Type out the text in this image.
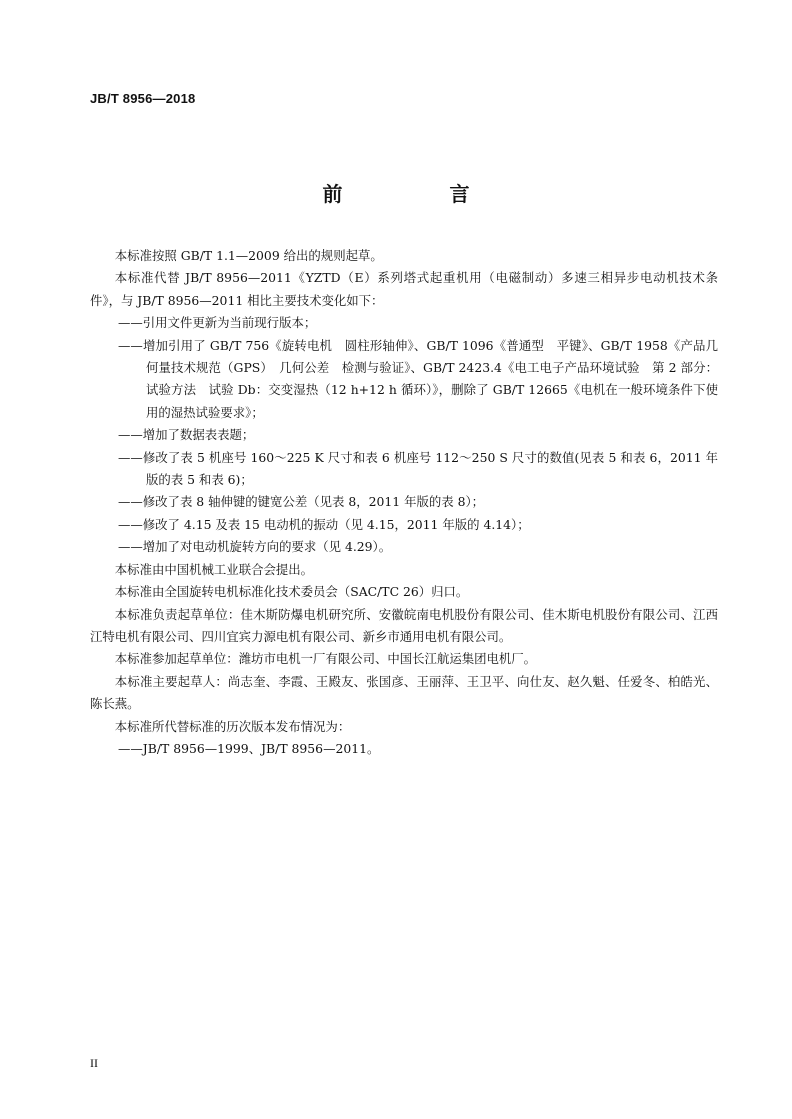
JB/T 8956—2018
前 言

本标准按照 GB/T 1.1—2009 给出的规则起草。

本标准代替 JB/T 8956—2011《YZTD（E）系列塔式起重机用（电磁制动）多速三相异步电动机技术条件》，与 JB/T 8956—2011 相比主要技术变化如下：

——引用文件更新为当前现行版本；

——增加引用了 GB/T 756《旋转电机　圆柱形轴伸》、GB/T 1096《普通型　平键》、GB/T 1958《产品几何量技术规范（GPS）　几何公差　检测与验证》、GB/T 2423.4《电工电子产品环境试验　第 2 部分：试验方法　试验 Db：交变湿热（12 h+12 h 循环）》，删除了 GB/T 12665《电机在一般环境条件下使用的湿热试验要求》；

——增加了数据表表题；

——修改了表 5 机座号 160～225 K 尺寸和表 6 机座号 112～250 S 尺寸的数值(见表 5 和表 6，2011 年版的表 5 和表 6)；

——修改了表 8 轴伸键的键宽公差（见表 8，2011 年版的表 8）；

——修改了 4.15 及表 15 电动机的振动（见 4.15，2011 年版的 4.14）；

——增加了对电动机旋转方向的要求（见 4.29）。

本标准由中国机械工业联合会提出。

本标准由全国旋转电机标准化技术委员会（SAC/TC 26）归口。

本标准负责起草单位：佳木斯防爆电机研究所、安徽皖南电机股份有限公司、佳木斯电机股份有限公司、江西江特电机有限公司、四川宜宾力源电机有限公司、新乡市通用电机有限公司。

本标准参加起草单位：潍坊市电机一厂有限公司、中国长江航运集团电机厂。

本标准主要起草人：尚志奎、李霞、王殿友、张国彦、王丽萍、王卫平、向仕友、赵久魁、任爱冬、柏皓光、陈长燕。

本标准所代替标准的历次版本发布情况为：

——JB/T 8956—1999、JB/T 8956—2011。

II
